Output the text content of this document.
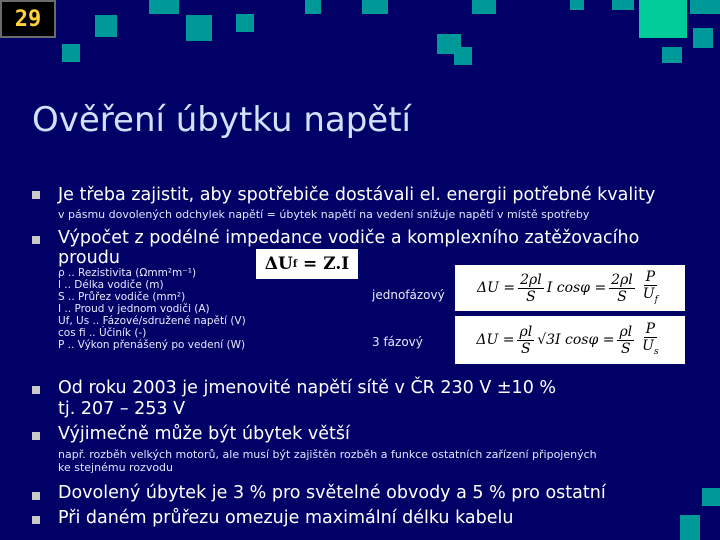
29
Ověření úbytku napětí
Je třeba zajistit, aby spotřebiče dostávali el. energii potřebné kvality
v pásmu dovolených odchylek napětí = úbytek napětí na vedení snižuje napětí v místě spotřeby
Výpočet z podélné impedance vodiče a komplexního zatěžovacího
proudu	ΔU f
= Z.I
ρ .. Rezistivita (Ωmm²m⁻¹)
l .. Délka vodiče (m)
S .. Průřez vodiče (mm²)
I .. Proud v jednom vodiči (A)
Uf, Us .. Fázové/sdružené napětí (V)
cos fi .. Účiník (-)
P .. Výkon přenášený po vedení (W)
jednofázový $\Delta U = \frac{2\rho l}{S}$ I $\cos\varphi = \frac{2\rho l}{S} \frac{P}{U_f}$
3 fázový	$\Delta U = \frac{\rho l}{S} √3I$ $\cos\varphi = \frac{\rho l}{S} \frac{P}{U_s}$
Od roku 2003 je jmenovité napětí sítě v ČR 230 V ±10 %
tj. 207 – 253 V
Výjimečně může být úbytek větší
např. rozběh velkých motorů, ale musí být zajištěn rozběh a funkce ostatních zařízení připojených
ke stejnému rozvodu
Dovolený úbytek je 3 % pro světelné obvody a 5 % pro ostatní
Při daném průřezu omezuje maximální délku kabelu
